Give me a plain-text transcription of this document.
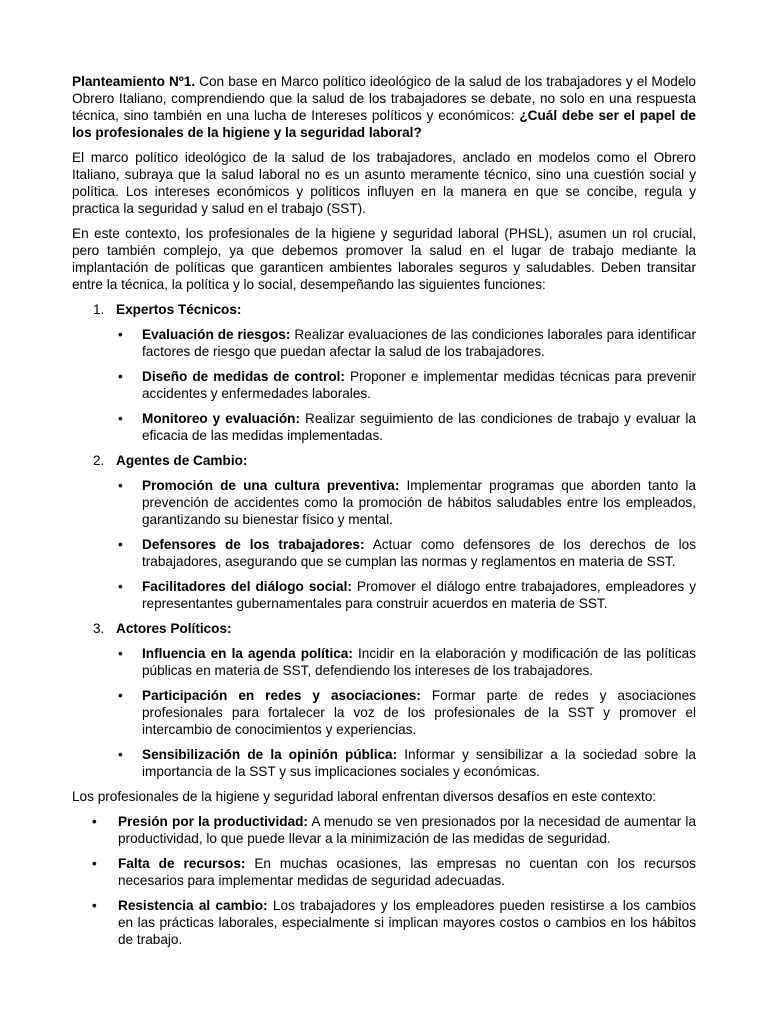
Planteamiento Nº1. Con base en Marco político ideológico de la salud de los trabajadores y el Modelo Obrero Italiano, comprendiendo que la salud de los trabajadores se debate, no solo en una respuesta técnica, sino también en una lucha de Intereses políticos y económicos: ¿Cuál debe ser el papel de los profesionales de la higiene y la seguridad laboral?

El marco político ideológico de la salud de los trabajadores, anclado en modelos como el Obrero Italiano, subraya que la salud laboral no es un asunto meramente técnico, sino una cuestión social y política. Los intereses económicos y políticos influyen en la manera en que se concibe, regula y practica la seguridad y salud en el trabajo (SST).

En este contexto, los profesionales de la higiene y seguridad laboral (PHSL), asumen un rol crucial, pero también complejo, ya que debemos promover la salud en el lugar de trabajo mediante la implantación de políticas que garanticen ambientes laborales seguros y saludables. Deben transitar entre la técnica, la política y lo social, desempeñando las siguientes funciones:

1. Expertos Técnicos:
• Evaluación de riesgos: Realizar evaluaciones de las condiciones laborales para identificar factores de riesgo que puedan afectar la salud de los trabajadores.
• Diseño de medidas de control: Proponer e implementar medidas técnicas para prevenir accidentes y enfermedades laborales.
• Monitoreo y evaluación: Realizar seguimiento de las condiciones de trabajo y evaluar la eficacia de las medidas implementadas.
2. Agentes de Cambio:
• Promoción de una cultura preventiva: Implementar programas que aborden tanto la prevención de accidentes como la promoción de hábitos saludables entre los empleados, garantizando su bienestar físico y mental.
• Defensores de los trabajadores: Actuar como defensores de los derechos de los trabajadores, asegurando que se cumplan las normas y reglamentos en materia de SST.
• Facilitadores del diálogo social: Promover el diálogo entre trabajadores, empleadores y representantes gubernamentales para construir acuerdos en materia de SST.
3. Actores Políticos:
• Influencia en la agenda política: Incidir en la elaboración y modificación de las políticas públicas en materia de SST, defendiendo los intereses de los trabajadores.
• Participación en redes y asociaciones: Formar parte de redes y asociaciones profesionales para fortalecer la voz de los profesionales de la SST y promover el intercambio de conocimientos y experiencias.
• Sensibilización de la opinión pública: Informar y sensibilizar a la sociedad sobre la importancia de la SST y sus implicaciones sociales y económicas.

Los profesionales de la higiene y seguridad laboral enfrentan diversos desafíos en este contexto:

• Presión por la productividad: A menudo se ven presionados por la necesidad de aumentar la productividad, lo que puede llevar a la minimización de las medidas de seguridad.
• Falta de recursos: En muchas ocasiones, las empresas no cuentan con los recursos necesarios para implementar medidas de seguridad adecuadas.
• Resistencia al cambio: Los trabajadores y los empleadores pueden resistirse a los cambios en las prácticas laborales, especialmente si implican mayores costos o cambios en los hábitos de trabajo.
